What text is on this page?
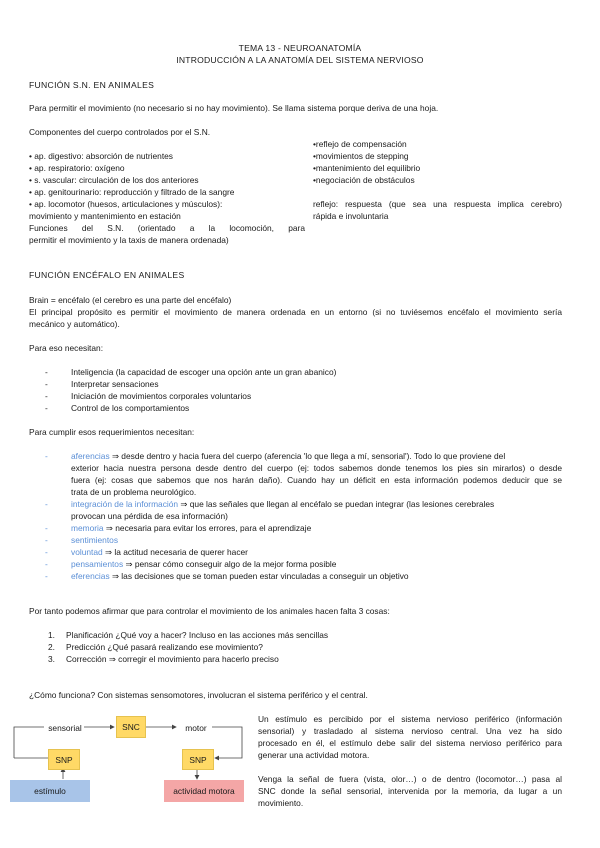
TEMA 13 - NEUROANATOMÍA
INTRODUCCIÓN A LA ANATOMÍA DEL SISTEMA NERVIOSO
FUNCIÓN S.N. EN ANIMALES
Para permitir el movimiento (no necesario si no hay movimiento). Se llama sistema porque deriva de una hoja.
Componentes del cuerpo controlados por el S.N.
• ap. digestivo: absorción de nutrientes
• ap. respiratorio: oxígeno
• s. vascular: circulación de los dos anteriores
• ap. genitourinario: reproducción y filtrado de la sangre
• ap. locomotor (huesos, articulaciones y músculos):
movimiento y mantenimiento en estación
Funciones del S.N. (orientado a la locomoción, para
permitir el movimiento y la taxis de manera ordenada)
•reflejo de compensación
•movimientos de stepping
•mantenimiento del equilibrio
•negociación de obstáculos
reflejo: respuesta (que sea una respuesta implica cerebro)
rápida e involuntaria
FUNCIÓN ENCÉFALO EN ANIMALES
Brain = encéfalo (el cerebro es una parte del encéfalo)
El principal propósito es permitir el movimiento de manera ordenada en un entorno (si no tuviésemos encéfalo el movimiento sería
mecánico y automático).
Para eso necesitan:
-	Inteligencia (la capacidad de escoger una opción ante un gran abanico)
-	Interpretar sensaciones
-	Iniciación de movimientos corporales voluntarios
-	Control de los comportamientos
Para cumplir esos requerimientos necesitan:
-	aferencias ⇒ desde dentro y hacia fuera del cuerpo (aferencia 'lo que llega a mí, sensorial'). Todo lo que proviene del
exterior hacia nuestra persona desde dentro del cuerpo (ej: todos sabemos donde tenemos los pies sin mirarlos) o desde
fuera (ej: cosas que sabemos que nos harán daño). Cuando hay un déficit en esta información podemos deducir que se
trata de un problema neurológico.
-	integración de la información ⇒ que las señales que llegan al encéfalo se puedan integrar (las lesiones cerebrales
provocan una pérdida de esa información)
-	memoria ⇒ necesaria para evitar los errores, para el aprendizaje
-	sentimientos
-	voluntad ⇒ la actitud necesaria de querer hacer
-	pensamientos ⇒ pensar cómo conseguir algo de la mejor forma posible
-	eferencias ⇒ las decisiones que se toman pueden estar vinculadas a conseguir un objetivo
Por tanto podemos afirmar que para controlar el movimiento de los animales hacen falta 3 cosas:
1. Planificación ¿Qué voy a hacer? Incluso en las acciones más sencillas
2. Predicción ¿Qué pasará realizando ese movimiento?
3. Corrección ⇒ corregir el movimiento para hacerlo preciso
¿Cómo funciona? Con sistemas sensomotores, involucran el sistema periférico y el central.
sensorial	SNC	motor
SNP	SNP
estímulo	actividad motora
Un estímulo es percibido por el sistema nervioso periférico (información
sensorial) y trasladado al sistema nervioso central. Una vez ha sido
procesado en él, el estímulo debe salir del sistema nervioso periférico para
generar una actividad motora.
Venga la señal de fuera (vista, olor…) o de dentro (locomotor…) pasa al
SNC donde la señal sensorial, intervenida por la memoria, da lugar a un
movimiento.
